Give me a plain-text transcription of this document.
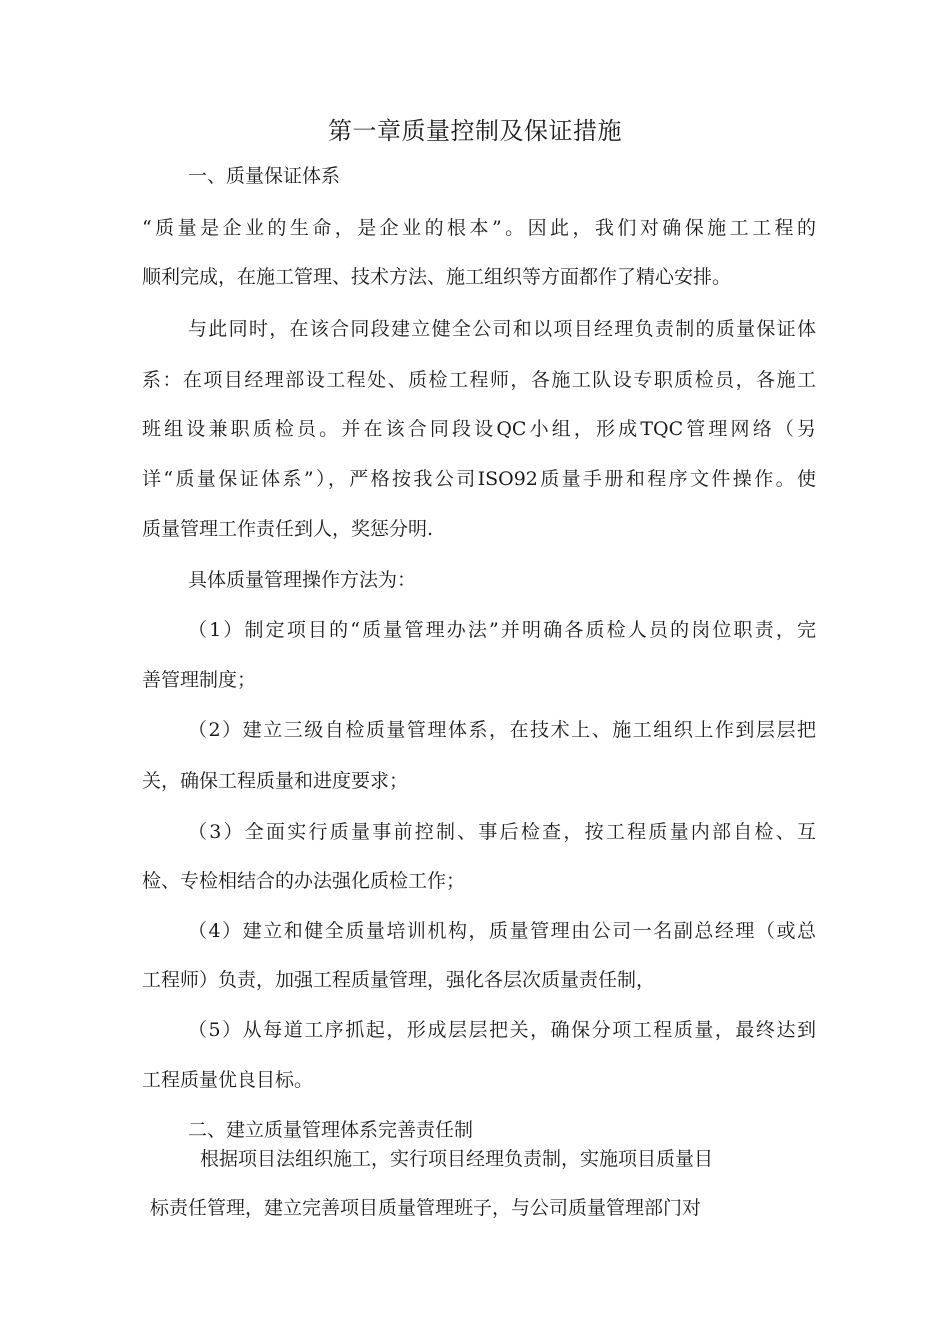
第一章质量控制及保证措施
一、质量保证体系
“质量是企业的生命，是企业的根本”。因此，我们对确保施工工程的
顺利完成，在施工管理、技术方法、施工组织等方面都作了精心安排。
与此同时，在该合同段建立健全公司和以项目经理负责制的质量保证体
系：在项目经理部设工程处、质检工程师，各施工队设专职质检员，各施工
班组设兼职质检员。并在该合同段设QC小组，形成TQC管理网络（另
详“质量保证体系”），严格按我公司ISO92质量手册和程序文件操作。使
质量管理工作责任到人，奖惩分明.
具体质量管理操作方法为：
（1）制定项目的“质量管理办法”并明确各质检人员的岗位职责，完
善管理制度；
（2）建立三级自检质量管理体系，在技术上、施工组织上作到层层把
关，确保工程质量和进度要求；
（3）全面实行质量事前控制、事后检查，按工程质量内部自检、互
检、专检相结合的办法强化质检工作；
（4）建立和健全质量培训机构，质量管理由公司一名副总经理（或总
工程师）负责，加强工程质量管理，强化各层次质量责任制，
（5）从每道工序抓起，形成层层把关，确保分项工程质量，最终达到
工程质量优良目标。
二、建立质量管理体系完善责任制
根据项目法组织施工，实行项目经理负责制，实施项目质量目
标责任管理，建立完善项目质量管理班子，与公司质量管理部门对
